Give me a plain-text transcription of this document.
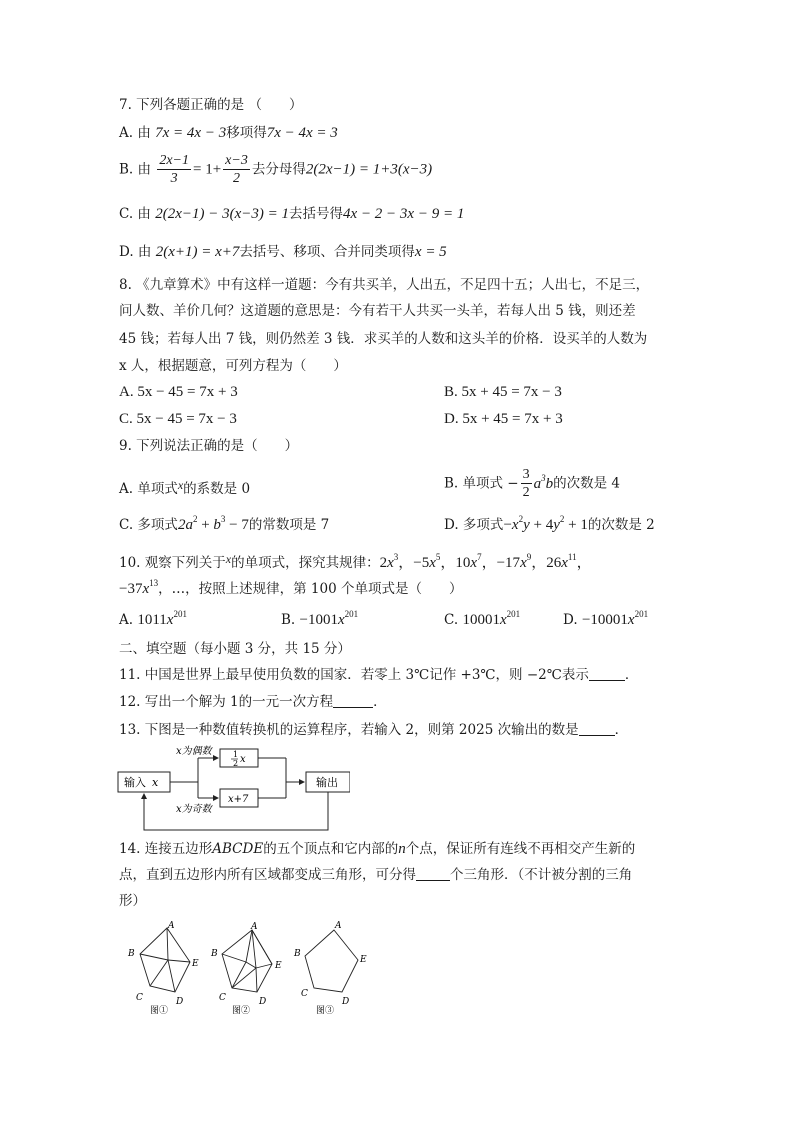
7. 下列各题正确的是 （　　）
A. 由 7x = 4x − 3移项得7x − 4x = 3
B. 由 $\frac{2x-1}{3} = 1+ \frac{x-3}{2}$ 去分母得2(2x−1) = 1+3(x−3)
C. 由 2(2x−1) − 3(x−3) = 1去括号得4x − 2 − 3x − 9 = 1
D. 由 2(x+1) = x+7去括号、移项、合并同类项得x = 5
8. 《九章算术》中有这样一道题：今有共买羊，人出五，不足四十五；人出七，不足三，
问人数、羊价几何？这道题的意思是：今有若干人共买一头羊，若每人出 5 钱，则还差
45 钱；若每人出 7 钱，则仍然差 3 钱．求买羊的人数和这头羊的价格．设买羊的人数为
x 人，根据题意，可列方程为（　　）
A. 5x − 45 = 7x + 3	B. 5x + 45 = 7x − 3
C. 5x − 45 = 7x − 3	D. 5x + 45 = 7x + 3
9. 下列说法正确的是（　　）
A. 单项式x的系数是 0	B. 单项式 − $\frac{3}{2} a^3b$的次数是 4
C. 多项式$2a^2 + b^3 - 7$的常数项是 7	D. 多项式$-x^2y + 4y^2 + 1$的次数是 2
10. 观察下列关于x的单项式，探究其规律：$2x^3$，$-5x^5$，$10x^7$，$-17x^9$，$26x^{11}$，
$-37x^{13}$，…，按照上述规律，第 100 个单项式是（　　）
A. $1011x^{201}$	B. $-1001x^{201}$	C. $10001x^{201}$	D. $-10001x^{201}$
二、填空题（每小题 3 分，共 15 分）
11. 中国是世界上最早使用负数的国家．若零上 3℃记作 +3℃，则 −2℃表示	．
12. 写出一个解为 1的一元一次方程	．
13. 下图是一种数值转换机的运算程序，若输入 2，则第 2025 次输出的数是	．
输入 x
x为偶数
x为奇数
1
2 x
x+7
输出
14. 连接五边形ABCDE的五个顶点和它内部的n个点，保证所有连线不再相交产生新的
点，直到五边形内所有区域都变成三角形，可分得	个三角形．（不计被分割的三角
形）
A
B
C	D
E
图①
A
B
C	D
E
图②
A
B
C
D
E
图③
